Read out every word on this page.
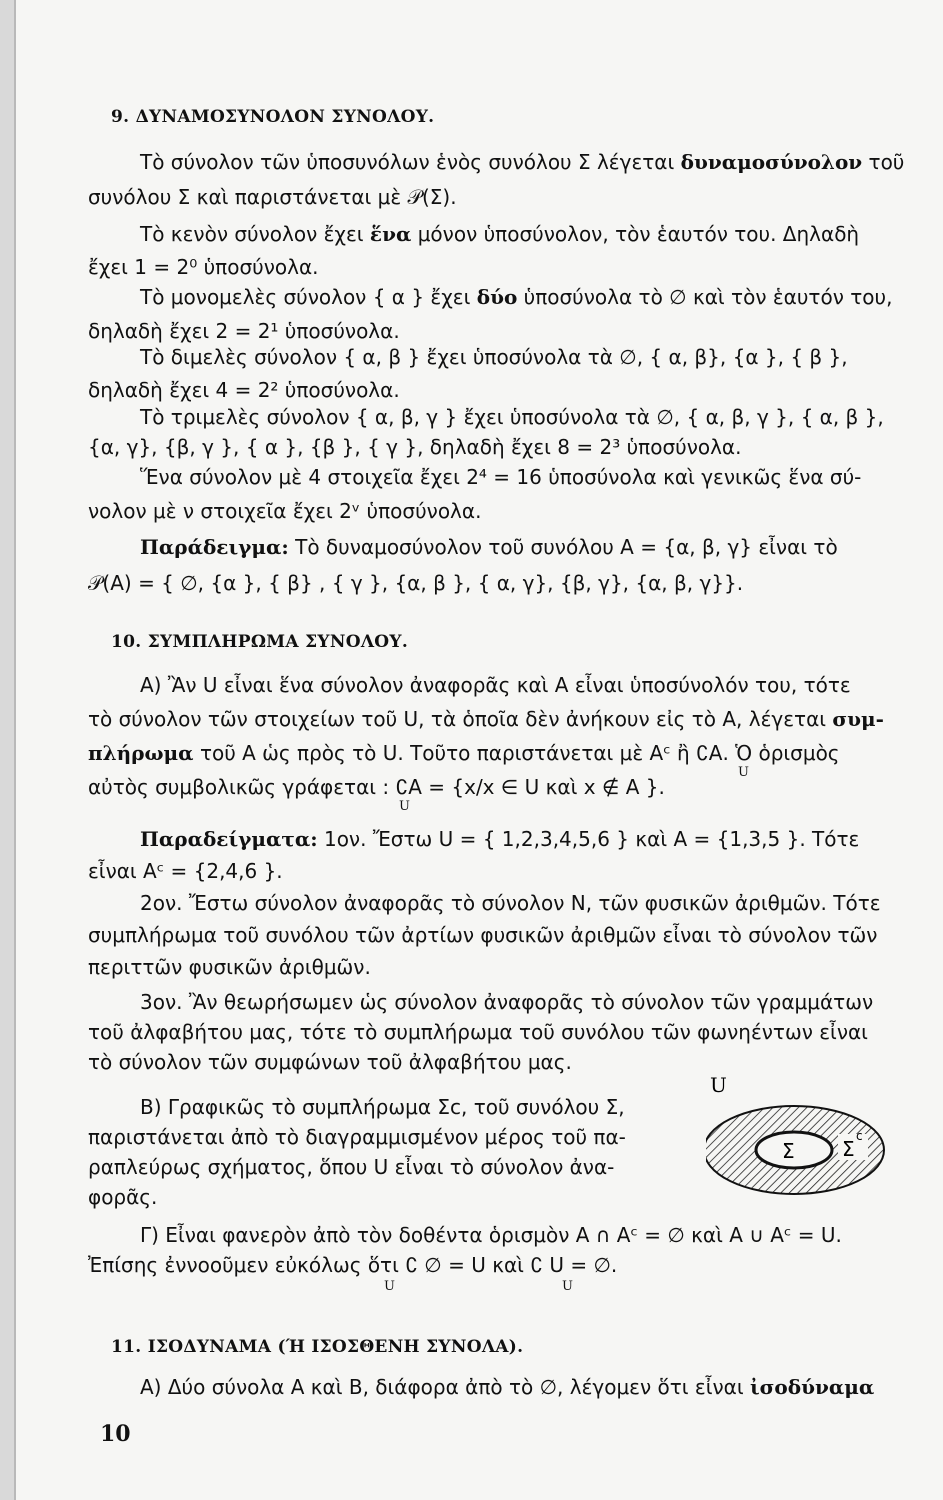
9. ΔΥΝΑΜΟΣΥΝΟΛΟΝ ΣΥΝΟΛΟΥ.
Τὸ σύνολον τῶν ὑποσυνόλων ἑνὸς συνόλου Σ λέγεται δυναμοσύνολον τοῦ
συνόλου Σ καὶ παριστάνεται μὲ 𝒫(Σ).
Τὸ κενὸν σύνολον ἔχει ἕνα μόνον ὑποσύνολον, τὸν ἑαυτόν του. Δηλαδὴ
ἔχει 1 = 2⁰ ὑποσύνολα.
Τὸ μονομελὲς σύνολον { α } ἔχει δύο ὑποσύνολα τὸ ∅ καὶ τὸν ἑαυτόν του,
δηλαδὴ ἔχει 2 = 2¹ ὑποσύνολα.
Τὸ διμελὲς σύνολον { α, β } ἔχει ὑποσύνολα τὰ ∅, { α, β}, {α }, { β },
δηλαδὴ ἔχει 4 = 2² ὑποσύνολα.
Τὸ τριμελὲς σύνολον { α, β, γ } ἔχει ὑποσύνολα τὰ ∅, { α, β, γ }, { α, β },
{α, γ}, {β, γ }, { α }, {β }, { γ }, δηλαδὴ ἔχει 8 = 2³ ὑποσύνολα.
Ἕνα σύνολον μὲ 4 στοιχεῖα ἔχει 2⁴ = 16 ὑποσύνολα καὶ γενικῶς ἕνα σύ-
νολον μὲ ν στοιχεῖα ἔχει 2ᵛ ὑποσύνολα.
Παράδειγμα: Τὸ δυναμοσύνολον τοῦ συνόλου Α = {α, β, γ} εἶναι τὸ
𝒫(Α) = { ∅, {α }, { β} , { γ }, {α, β }, { α, γ}, {β, γ}, {α, β, γ}}.
10. ΣΥΜΠΛΗΡΩΜΑ ΣΥΝΟΛΟΥ.
Α) Ἂν U εἶναι ἕνα σύνολον ἀναφορᾶς καὶ Α εἶναι ὑποσύνολόν του, τότε
τὸ σύνολον τῶν στοιχείων τοῦ U, τὰ ὁποῖα δὲν ἀνήκουν εἰς τὸ Α, λέγεται συμ-
πλήρωμα τοῦ Α ὡς πρὸς τὸ U. Τοῦτο παριστάνεται μὲ Αᶜ ἢ ∁Α. Ὁ ὁρισμὸς
U
αὐτὸς συμβολικῶς γράφεται : ∁Α = {x/x ∈ U καὶ x ∉ Α }.
U
Παραδείγματα: 1ον. Ἔστω U = { 1,2,3,4,5,6 } καὶ Α = {1,3,5 }. Τότε
εἶναι Αᶜ = {2,4,6 }.
2ον. Ἔστω σύνολον ἀναφορᾶς τὸ σύνολον Ν, τῶν φυσικῶν ἀριθμῶν. Τότε
συμπλήρωμα τοῦ συνόλου τῶν ἀρτίων φυσικῶν ἀριθμῶν εἶναι τὸ σύνολον τῶν
περιττῶν φυσικῶν ἀριθμῶν.
3ον. Ἂν θεωρήσωμεν ὡς σύνολον ἀναφορᾶς τὸ σύνολον τῶν γραμμάτων
τοῦ ἀλφαβήτου μας, τότε τὸ συμπλήρωμα τοῦ συνόλου τῶν φωνηέντων εἶναι
τὸ σύνολον τῶν συμφώνων τοῦ ἀλφαβήτου μας.
Β) Γραφικῶς τὸ συμπλήρωμα Σc, τοῦ συνόλου Σ,
παριστάνεται ἀπὸ τὸ διαγραμμισμένον μέρος τοῦ πα-
ραπλεύρως σχήματος, ὅπου U εἶναι τὸ σύνολον ἀνα-
φορᾶς.
Γ) Εἶναι φανερὸν ἀπὸ τὸν δοθέντα ὁρισμὸν Α ∩ Αᶜ = ∅ καὶ Α ∪ Αᶜ = U.
Ἐπίσης ἐννοοῦμεν εὐκόλως ὅτι ∁ ∅ = U καὶ ∁ U = ∅.
U	U
11. ΙΣΟΔΥΝΑΜΑ (Ή ΙΣΟΣΘΕΝΗ ΣΥΝΟΛΑ).
Α) Δύο σύνολα Α καὶ Β, διάφορα ἀπὸ τὸ ∅, λέγομεν ὅτι εἶναι ἰσοδύναμα
U
Σ Σ
c
10
